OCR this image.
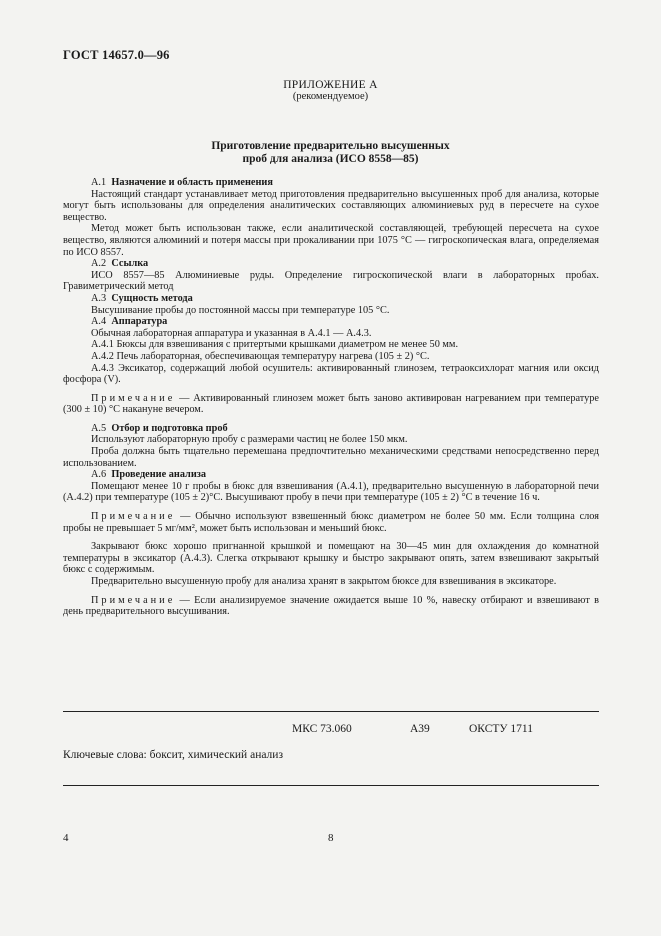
ГОСТ 14657.0—96
ПРИЛОЖЕНИЕ А
(рекомендуемое)
Приготовление предварительно высушенных
проб для анализа (ИСО 8558—85)

А.1 Назначение и область применения

Настоящий стандарт устанавливает метод приготовления предварительно высушенных проб для анализа, которые могут быть использованы для определения аналитических составляющих алюминиевых руд в пересчете на сухое вещество.

Метод может быть использован также, если аналитической составляющей, требующей пересчета на сухое вещество, являются алюминий и потеря массы при прокаливании при 1075 °C — гигроскопическая влага, определяемая по ИСО 8557.

А.2 Ссылка

ИСО 8557—85 Алюминиевые руды. Определение гигроскопической влаги в лабораторных пробах. Гравиметрический метод

А.3 Сущность метода

Высушивание пробы до постоянной массы при температуре 105 °C.

А.4 Аппаратура

Обычная лабораторная аппаратура и указанная в А.4.1 — А.4.3.

А.4.1 Бюксы для взвешивания с притертыми крышками диаметром не менее 50 мм.

А.4.2 Печь лабораторная, обеспечивающая температуру нагрева (105 ± 2) °C.

А.4.3 Эксикатор, содержащий любой осушитель: активированный глинозем, тетраоксихлорат магния или оксид фосфора (V).

Примечание — Активированный глинозем может быть заново активирован нагреванием при температуре (300 ± 10) °C накануне вечером.

А.5 Отбор и подготовка проб

Используют лабораторную пробу с размерами частиц не более 150 мкм.

Проба должна быть тщательно перемешана предпочтительно механическими средствами непосредственно перед использованием.

А.6 Проведение анализа

Помещают менее 10 г пробы в бюкс для взвешивания (А.4.1), предварительно высушенную в лабораторной печи (А.4.2) при температуре (105 ± 2)°C. Высушивают пробу в печи при температуре (105 ± 2) °C в течение 16 ч.

Примечание — Обычно используют взвешенный бюкс диаметром не более 50 мм. Если толщина слоя пробы не превышает 5 мг/мм², может быть использован и меньший бюкс.

Закрывают бюкс хорошо пригнанной крышкой и помещают на 30—45 мин для охлаждения до комнатной температуры в эксикатор (А.4.3). Слегка открывают крышку и быстро закрывают опять, затем взвешивают закрытый бюкс с содержимым.

Предварительно высушенную пробу для анализа хранят в закрытом бюксе для взвешивания в эксикаторе.

Примечание — Если анализируемое значение ожидается выше 10 %, навеску отбирают и взвешивают в день предварительного высушивания.

МКС 73.060	А39	ОКСТУ 1711
Ключевые слова: боксит, химический анализ
4	8
